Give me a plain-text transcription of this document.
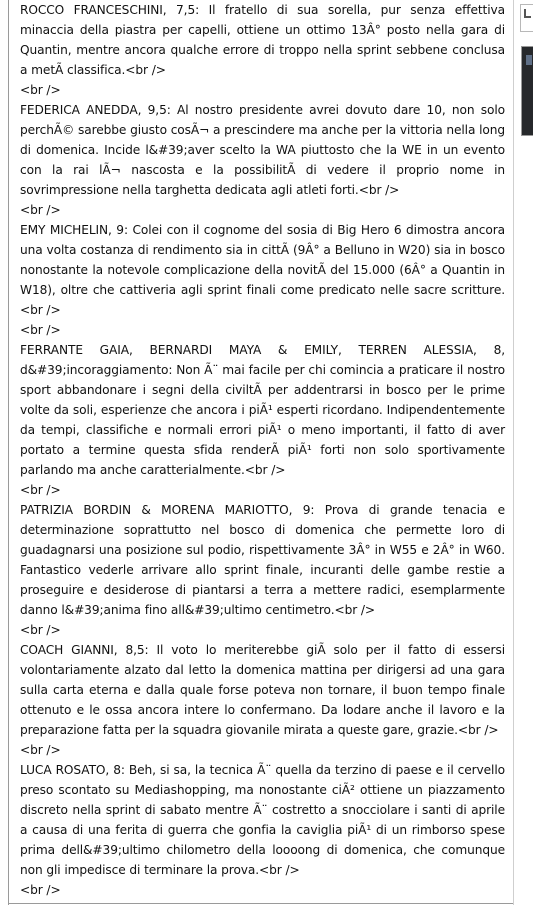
ROCCO FRANCESCHINI, 7,5: Il fratello di sua sorella, pur senza effettiva minaccia della piastra per capelli, ottiene un ottimo 13Â° posto nella gara di Quantin, mentre ancora qualche errore di troppo nella sprint sebbene conclusa a metÃ classifica.<br />

<br />

FEDERICA ANEDDA, 9,5: Al nostro presidente avrei dovuto dare 10, non solo perchÃ© sarebbe giusto cosÃ¬ a prescindere ma anche per la vittoria nella long di domenica. Incide l&#39;aver scelto la WA piuttosto che la WE in un evento con la rai lÃ¬ nascosta e la possibilitÃ di vedere il proprio nome in sovrimpressione nella targhetta dedicata agli atleti forti.<br />

<br />

EMY MICHELIN, 9: Colei con il cognome del sosia di Big Hero 6 dimostra ancora una volta costanza di rendimento sia in cittÃ (9Â° a Belluno in W20) sia in bosco nonostante la notevole complicazione della novitÃ del 15.000 (6Â° a Quantin in W18), oltre che cattiveria agli sprint finali come predicato nelle sacre scritture.<br />

<br />

FERRANTE GAIA, BERNARDI MAYA & EMILY, TERREN ALESSIA, 8, d&#39;incoraggiamento: Non Ã¨ mai facile per chi comincia a praticare il nostro sport abbandonare i segni della civiltÃ per addentrarsi in bosco per le prime volte da soli, esperienze che ancora i piÃ¹ esperti ricordano. Indipendentemente da tempi, classifiche e normali errori piÃ¹ o meno importanti, il fatto di aver portato a termine questa sfida renderÃ piÃ¹ forti non solo sportivamente parlando ma anche caratterialmente.<br />

<br />

PATRIZIA BORDIN & MORENA MARIOTTO, 9: Prova di grande tenacia e determinazione soprattutto nel bosco di domenica che permette loro di guadagnarsi una posizione sul podio, rispettivamente 3Â° in W55 e 2Â° in W60. Fantastico vederle arrivare allo sprint finale, incuranti delle gambe restie a proseguire e desiderose di piantarsi a terra a mettere radici, esemplarmente danno l&#39;anima fino all&#39;ultimo centimetro.<br />

<br />

COACH GIANNI, 8,5: Il voto lo meriterebbe giÃ solo per il fatto di essersi volontariamente alzato dal letto la domenica mattina per dirigersi ad una gara sulla carta eterna e dalla quale forse poteva non tornare, il buon tempo finale ottenuto e le ossa ancora intere lo confermano. Da lodare anche il lavoro e la preparazione fatta per la squadra giovanile mirata a queste gare, grazie.<br />

<br />

LUCA ROSATO, 8: Beh, si sa, la tecnica Ã¨ quella da terzino di paese e il cervello preso scontato su Mediashopping, ma nonostante ciÃ² ottiene un piazzamento discreto nella sprint di sabato mentre Ã¨ costretto a snocciolare i santi di aprile a causa di una ferita di guerra che gonfia la caviglia piÃ¹ di un rimborso spese prima dell&#39;ultimo chilometro della loooong di domenica, che comunque non gli impedisce di terminare la prova.<br />

<br />
